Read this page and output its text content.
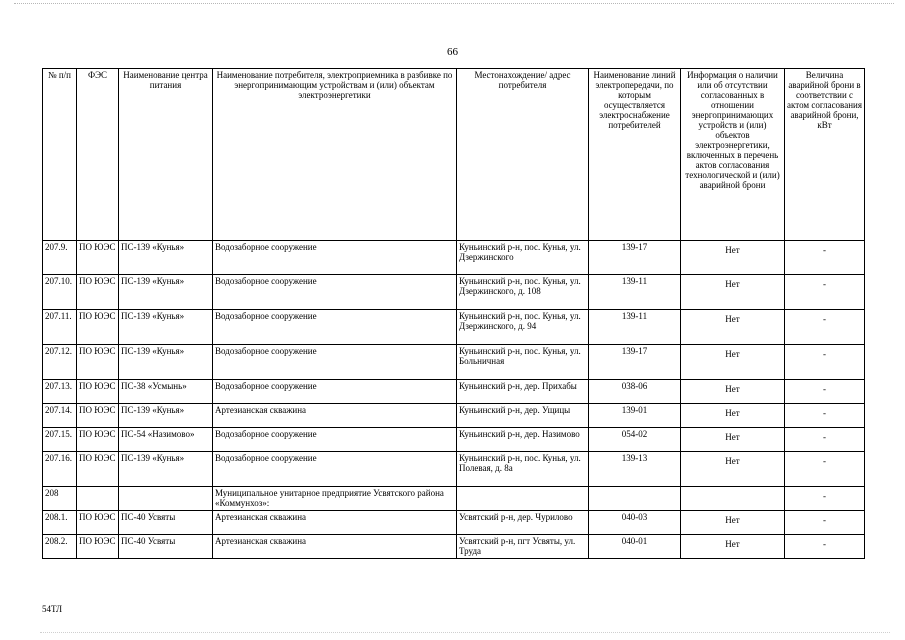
66
№ п/п	ФЭС	Наименование центра питания	Наименование потребителя, электроприемника в разбивке по энергопринимающим устройствам и (или) объектам электроэнергетики	Местонахождение/ адрес потребителя	Наименование линий электропередачи, по которым осуществляется электроснабжение потребителей	Информация о наличии или об отсутствии согласованных в отношении энергопринимающих устройств и (или) объектов электроэнергетики, включенных в перечень актов согласования технологической и (или) аварийной брони	Величина аварийной брони в соответствии с актом согласования аварийной брони, кВт
207.9.	ПО ЮЭС	ПС-139 «Кунья»	Водозаборное сооружение	Куньинский р-н, пос. Кунья, ул. Дзержинского	139-17	Нет	-
207.10.	ПО ЮЭС	ПС-139 «Кунья»	Водозаборное сооружение	Куньинский р-н, пос. Кунья, ул. Дзержинского, д. 108	139-11	Нет	-
207.11.	ПО ЮЭС	ПС-139 «Кунья»	Водозаборное сооружение	Куньинский р-н, пос. Кунья, ул. Дзержинского, д. 94	139-11	Нет	-
207.12.	ПО ЮЭС	ПС-139 «Кунья»	Водозаборное сооружение	Куньинский р-н, пос. Кунья, ул. Больничная	139-17	Нет	-
207.13.	ПО ЮЭС	ПС-38 «Усмынь»	Водозаборное сооружение	Куньинский р-н, дер. Прихабы	038-06	Нет	-
207.14.	ПО ЮЭС	ПС-139 «Кунья»	Артезианская скважина	Куньинский р-н, дер. Ущицы	139-01	Нет	-
207.15.	ПО ЮЭС	ПС-54 «Назимово»	Водозаборное сооружение	Куньинский р-н, дер. Назимово	054-02	Нет	-
207.16.	ПО ЮЭС	ПС-139 «Кунья»	Водозаборное сооружение	Куньинский р-н, пос. Кунья, ул. Полевая, д. 8а	139-13	Нет	-
208			Муниципальное унитарное предприятие Усвятского района «Коммунхоз»:				-
208.1.	ПО ЮЭС	ПС-40 Усвяты	Артезианская скважина	Усвятский р-н, дер. Чурилово	040-03	Нет	-
208.2.	ПО ЮЭС	ПС-40 Усвяты	Артезианская скважина	Усвятский р-н, пгт Усвяты, ул. Труда	040-01	Нет	-
54ТЛ
